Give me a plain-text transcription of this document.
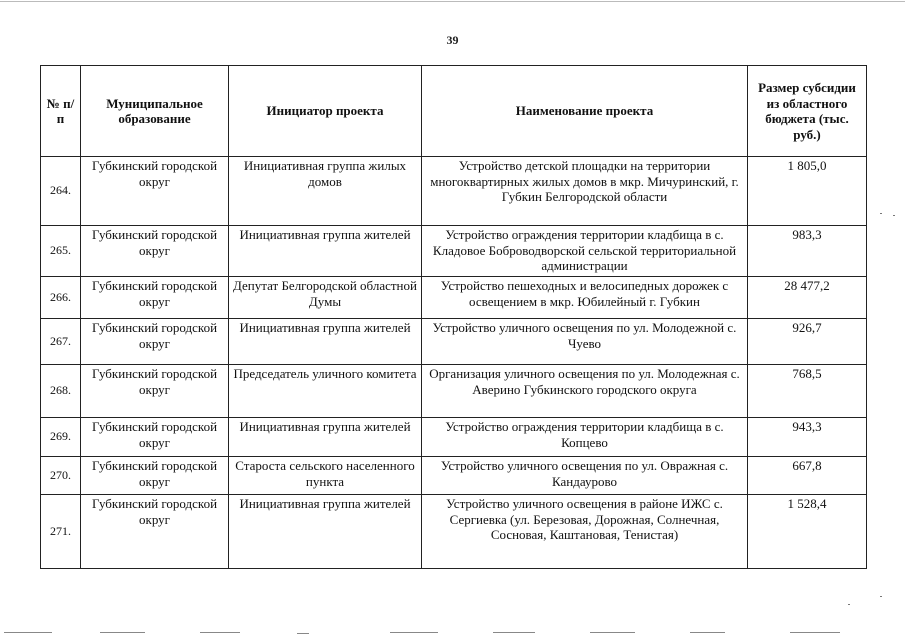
39
№ п/п	Муниципальное образование	Инициатор проекта	Наименование проекта	Размер субсидии из областного бюджета (тыс. руб.)
264.	Губкинский городской округ	Инициативная группа жилых домов	Устройство детской площадки на территории многоквартирных жилых домов в мкр. Мичуринский, г. Губкин Белгородской области	1 805,0
265.	Губкинский городской округ	Инициативная группа жителей	Устройство ограждения территории кладбища в с. Кладовое Боброводворской сельской территориальной администрации	983,3
266.	Губкинский городской округ	Депутат Белгородской областной Думы	Устройство пешеходных и велосипедных дорожек с освещением в мкр. Юбилейный г. Губкин	28 477,2
267.	Губкинский городской округ	Инициативная группа жителей	Устройство уличного освещения по ул. Молодежной с. Чуево	926,7
268.	Губкинский городской округ	Председатель уличного комитета	Организация уличного освещения по ул. Молодежная с. Аверино Губкинского городского округа	768,5
269.	Губкинский городской округ	Инициативная группа жителей	Устройство ограждения территории кладбища в с. Копцево	943,3
270.	Губкинский городской округ	Староста сельского населенного пункта	Устройство уличного освещения по ул. Овражная с. Кандаурово	667,8
271.	Губкинский городской округ	Инициативная группа жителей	Устройство уличного освещения в районе ИЖС с. Сергиевка (ул. Березовая, Дорожная, Солнечная, Сосновая, Каштановая, Тенистая)	1 528,4
